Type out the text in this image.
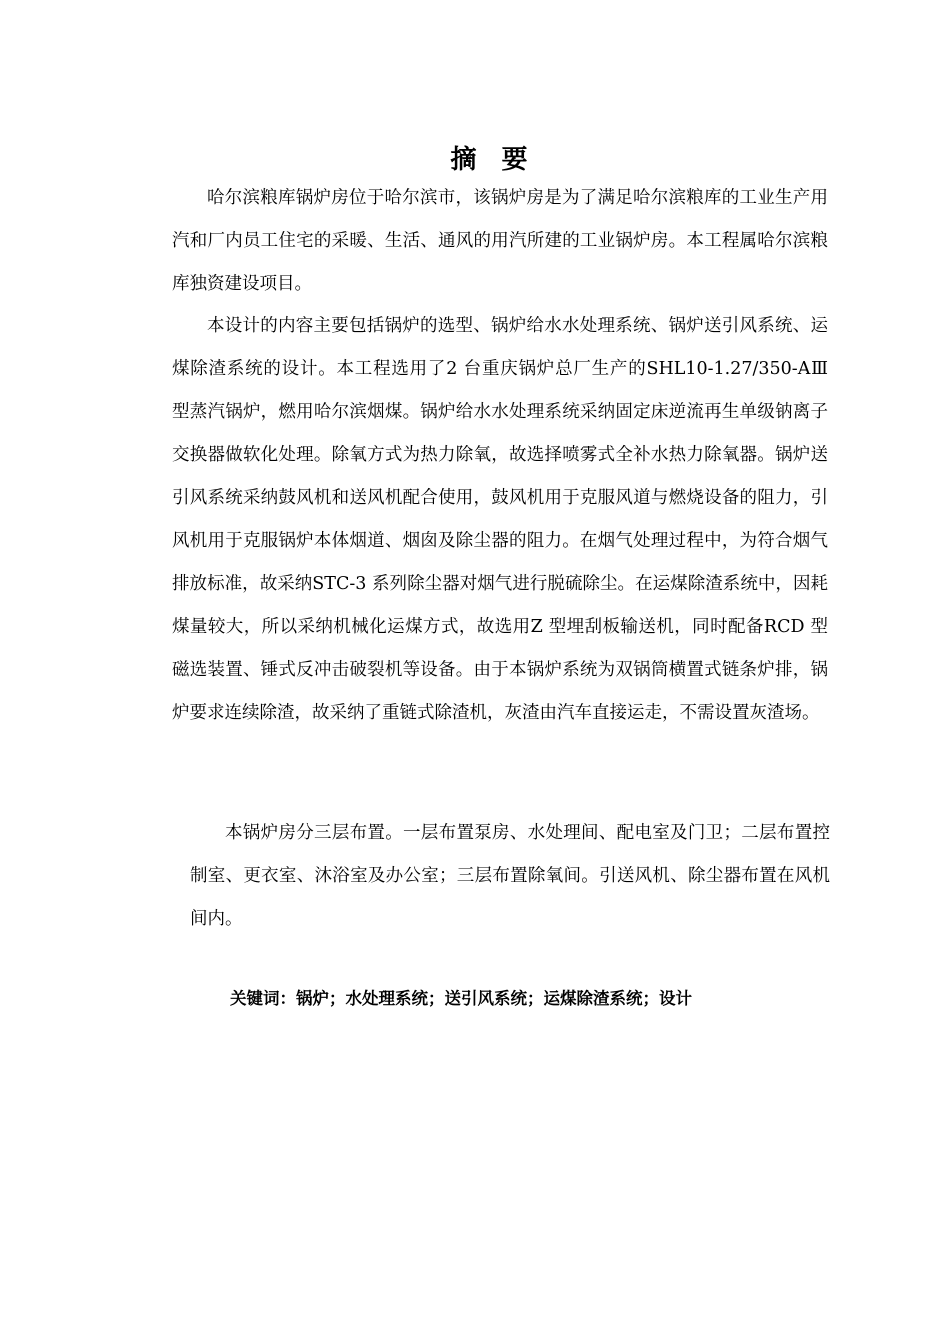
摘 要

哈尔滨粮库锅炉房位于哈尔滨市，该锅炉房是为了满足哈尔滨粮库的工业生产用汽和厂内员工住宅的采暖、生活、通风的用汽所建的工业锅炉房。本工程属哈尔滨粮库独资建设项目。

本设计的内容主要包括锅炉的选型、锅炉给水水处理系统、锅炉送引风系统、运煤除渣系统的设计。本工程选用了2 台重庆锅炉总厂生产的SHL10-1.27/350-AⅢ 型蒸汽锅炉，燃用哈尔滨烟煤。锅炉给水水处理系统采纳固定床逆流再生单级钠离子交换器做软化处理。除氧方式为热力除氧，故选择喷雾式全补水热力除氧器。锅炉送引风系统采纳鼓风机和送风机配合使用，鼓风机用于克服风道与燃烧设备的阻力，引风机用于克服锅炉本体烟道、烟囱及除尘器的阻力。在烟气处理过程中，为符合烟气排放标准，故采纳STC-3 系列除尘器对烟气进行脱硫除尘。在运煤除渣系统中，因耗煤量较大，所以采纳机械化运煤方式，故选用Z 型埋刮板输送机，同时配备RCD 型磁选装置、锤式反冲击破裂机等设备。由于本锅炉系统为双锅筒横置式链条炉排，锅炉要求连续除渣，故采纳了重链式除渣机，灰渣由汽车直接运走，不需设置灰渣场。

本锅炉房分三层布置。一层布置泵房、水处理间、配电室及门卫；二层布置控制室、更衣室、沐浴室及办公室；三层布置除氧间。引送风机、除尘器布置在风机间内。

关键词：锅炉；水处理系统；送引风系统；运煤除渣系统；设计
